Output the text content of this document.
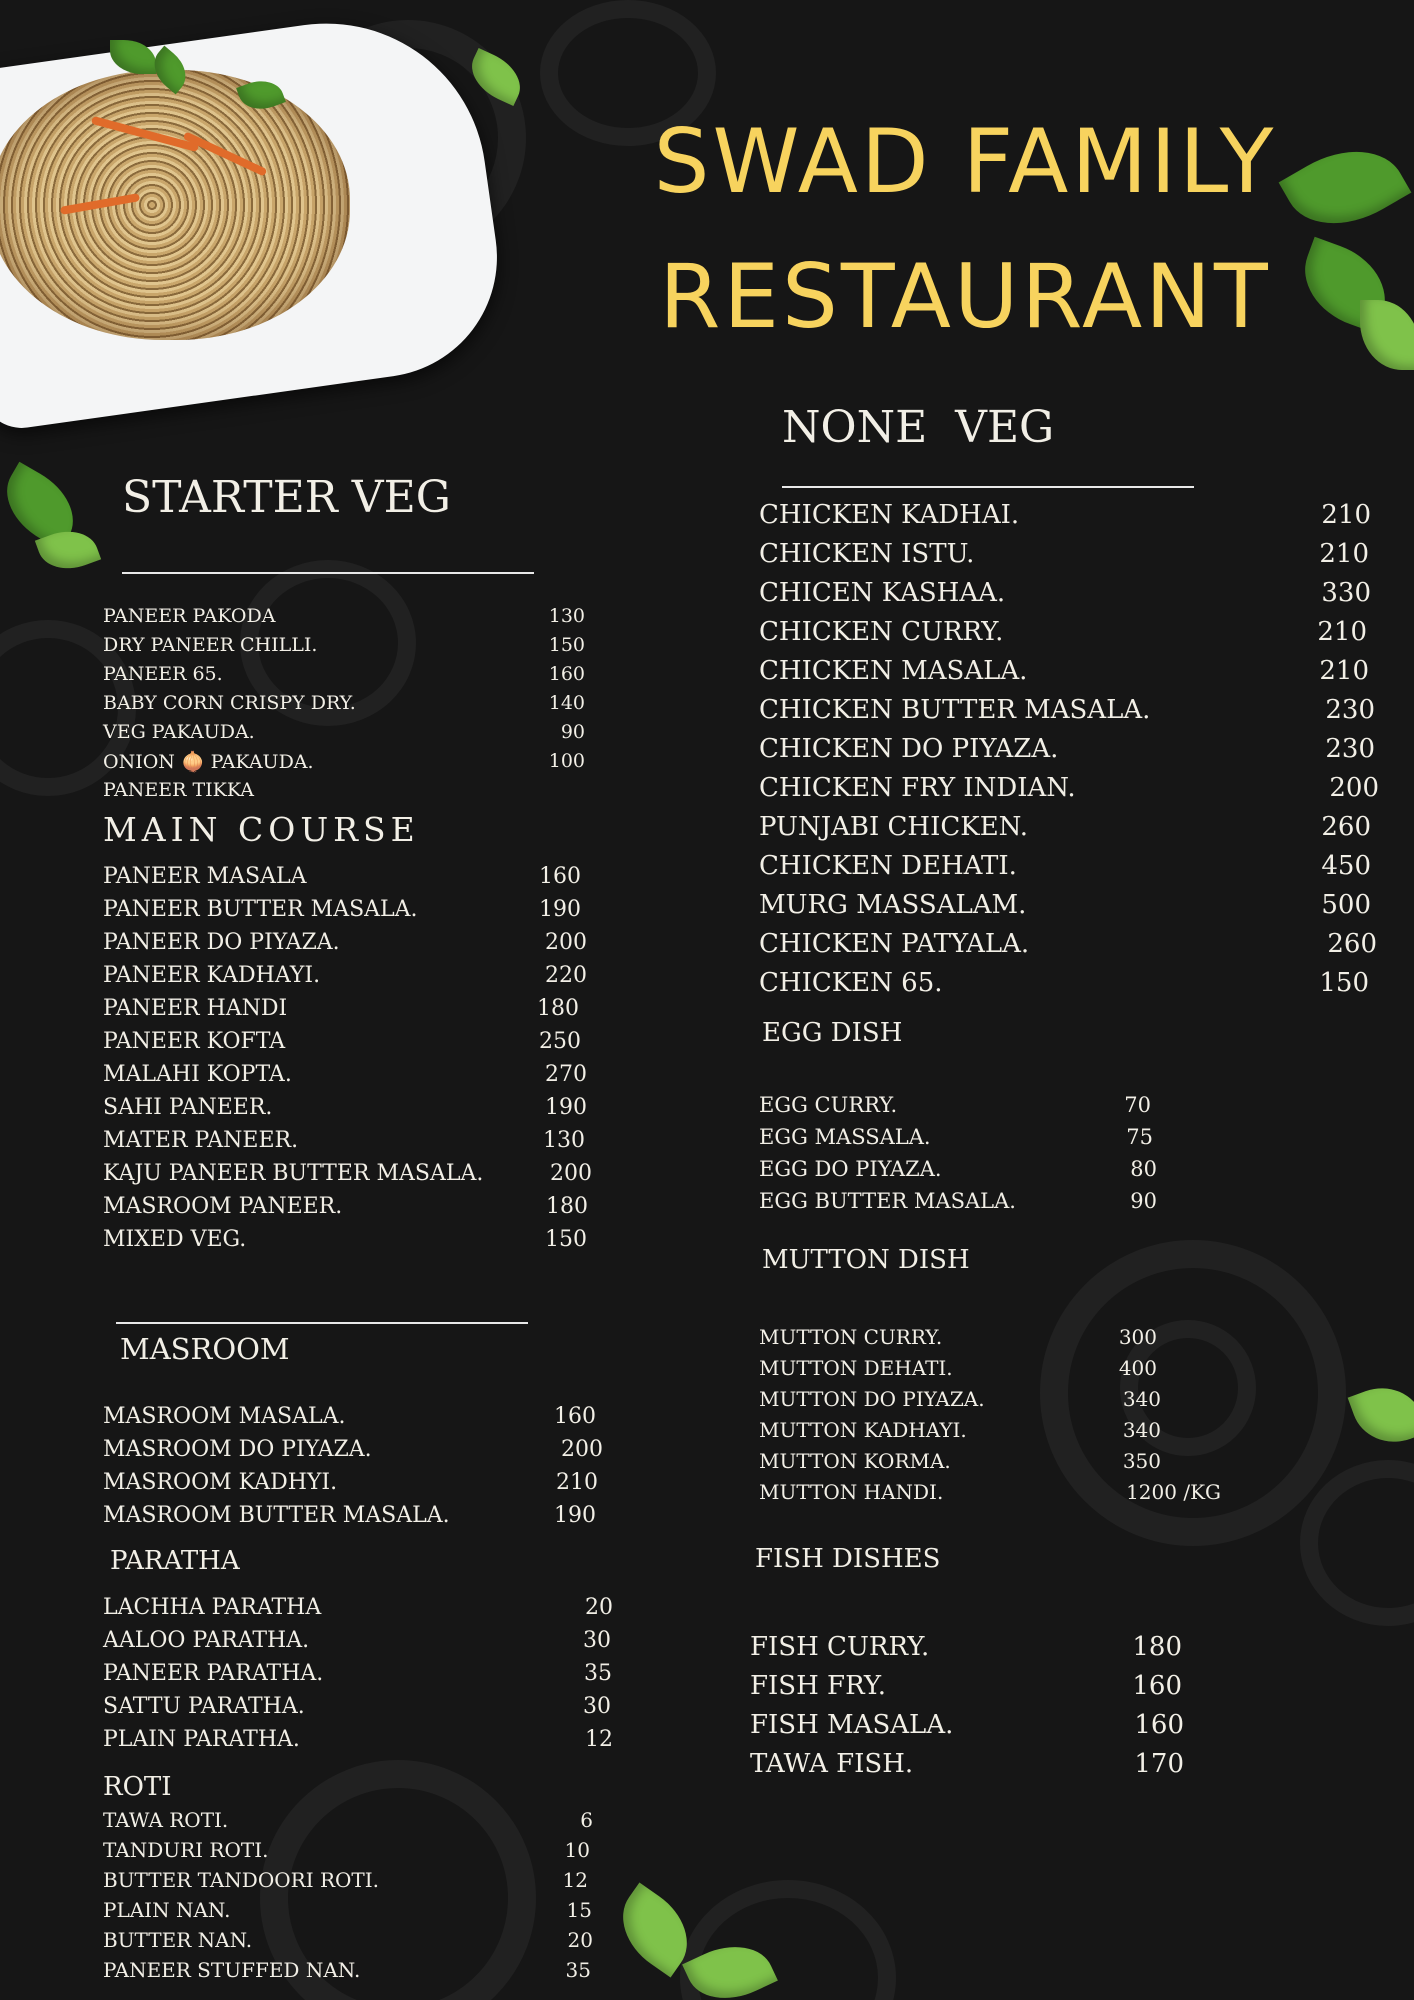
SWAD FAMILY
RESTAURANT
STARTER VEG
PANEER PAKODA	130
DRY PANEER CHILLI.	150
PANEER 65.	160
BABY CORN CRISPY DRY.	140
VEG PAKAUDA.	90
ONION 🧅 PAKAUDA.	100
PANEER TIKKA
MAIN COURSE
PANEER MASALA	160
PANEER BUTTER MASALA.	190
PANEER DO PIYAZA.	200
PANEER KADHAYI.	220
PANEER HANDI	180
PANEER KOFTA	250
MALAHI KOPTA.	270
SAHI PANEER.	190
MATER PANEER.	130
KAJU PANEER BUTTER MASALA.	200
MASROOM PANEER.	180
MIXED VEG.	150
MASROOM
MASROOM MASALA.	160
MASROOM DO PIYAZA.	200
MASROOM KADHYI.	210
MASROOM BUTTER MASALA.	190
PARATHA
LACHHA PARATHA	20
AALOO PARATHA.	30
PANEER PARATHA.	35
SATTU PARATHA.	30
PLAIN PARATHA.	12
ROTI
TAWA ROTI.	6
TANDURI ROTI.	10
BUTTER TANDOORI ROTI.	12
PLAIN NAN.	15
BUTTER NAN.	20
PANEER STUFFED NAN.	35
NONE  VEG
CHICKEN KADHAI.	210
CHICKEN ISTU.	210
CHICEN KASHAA.	330
CHICKEN CURRY.	210
CHICKEN MASALA.	210
CHICKEN BUTTER MASALA.	230
CHICKEN DO PIYAZA.	230
CHICKEN FRY INDIAN.	200
PUNJABI CHICKEN.	260
CHICKEN DEHATI.	450
MURG MASSALAM.	500
CHICKEN PATYALA.	260
CHICKEN 65.	150
EGG DISH
EGG CURRY.	70
EGG MASSALA.	75
EGG DO PIYAZA.	80
EGG BUTTER MASALA.	90
MUTTON DISH
MUTTON CURRY.	300
MUTTON DEHATI.	400
MUTTON DO PIYAZA.	340
MUTTON KADHAYI.	340
MUTTON KORMA.	350
MUTTON HANDI.	1200 /KG
FISH DISHES
FISH CURRY.	180
FISH FRY.	160
FISH MASALA.	160
TAWA FISH.	170
